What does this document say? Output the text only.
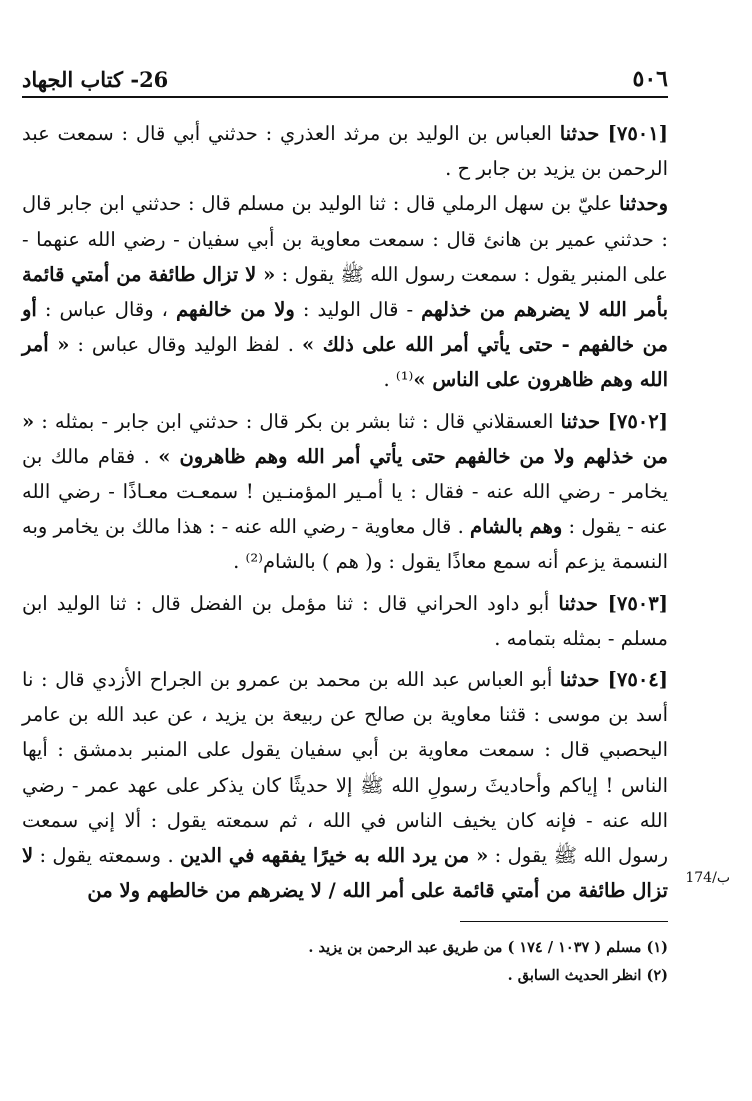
٥٠٦
26- كتاب الجهاد

[٧٥٠١] حدثنا العباس بن الوليد بن مرثد العذري : حدثني أبي قال : سمعت عبد الرحمن بن يزيد بن جابر ح .

وحدثنا عليّ بن سهل الرملي قال : ثنا الوليد بن مسلم قال : حدثني ابن جابر قال : حدثني عمير بن هانئ قال : سمعت معاوية بن أبي سفيان - رضي الله عنهما - على المنبر يقول : سمعت رسول الله ﷺ يقول : « لا تزال طائفة من أمتي قائمة بأمر الله لا يضرهم من خذلهم - قال الوليد : ولا من خالفهم ، وقال عباس : أو من خالفهم - حتى يأتي أمر الله على ذلك » . لفظ الوليد وقال عباس : « أمر الله وهم ظاهرون على الناس »⁽¹⁾ .

[٧٥٠٢] حدثنا العسقلاني قال : ثنا بشر بن بكر قال : حدثني ابن جابر - بمثله : « من خذلهم ولا من خالفهم حتى يأتي أمر الله وهم ظاهرون » . فقام مالك بن يخامر - رضي الله عنه - فقال : يا أمـير المؤمنـين ! سمعـت معـاذًا - رضي الله عنه - يقول : وهم بالشام . قال معاوية - رضي الله عنه - : هذا مالك بن يخامر وبه النسمة يزعم أنه سمع معاذًا يقول : و( هم ) بالشام⁽²⁾ .

[٧٥٠٣] حدثنا أبو داود الحراني قال : ثنا مؤمل بن الفضل قال : ثنا الوليد ابن مسلم - بمثله بتمامه .

[٧٥٠٤] حدثنا أبو العباس عبد الله بن محمد بن عمرو بن الجراح الأزدي قال : نا أسد بن موسى : قثنا معاوية بن صالح عن ربيعة بن يزيد ، عن عبد الله بن عامر اليحصبي قال : سمعت معاوية بن أبي سفيان يقول على المنبر بدمشق : أيها الناس ! إياكم وأحاديثَ رسولِ الله ﷺ إلا حديثًا كان يذكر على عهد عمر - رضي الله عنه - فإنه كان يخيف الناس في الله ، ثم سمعته يقول : ألا إني سمعت رسول الله ﷺ يقول : « من يرد الله به خيرًا يفقهه في الدين . وسمعته يقول : لا تزال طائفة من أمتي قائمة على أمر الله / لا يضرهم من خالطهم ولا من

174/ب

(١) مسلم ( ١٠٣٧ / ١٧٤ ) من طريق عبد الرحمن بن يزيد .

(٢) انظر الحديث السابق .
